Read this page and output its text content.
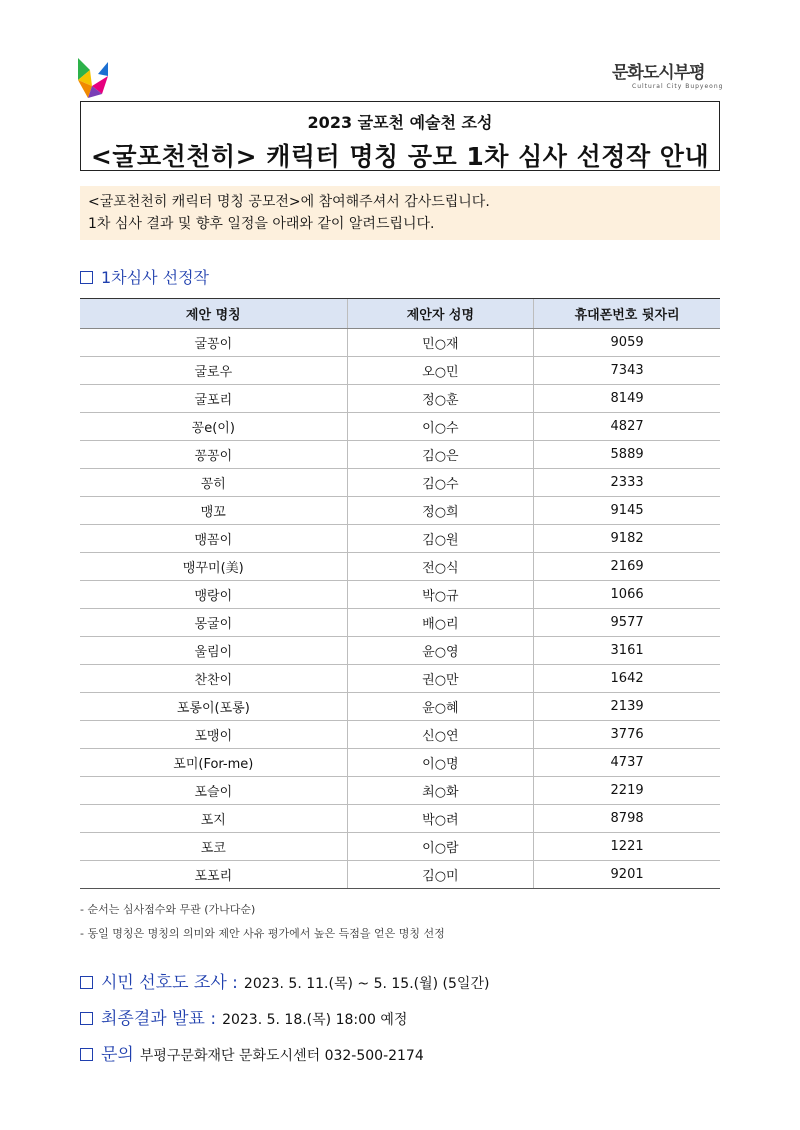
문화도시부평
Cultural City Bupyeong
2023 굴포천 예술천 조성
<굴포천천히> 캐릭터 명칭 공모 1차 심사 선정작 안내
<굴포천천히 캐릭터 명칭 공모전>에 참여해주셔서 감사드립니다.
1차 심사 결과 및 향후 일정을 아래와 같이 알려드립니다.
1차심사 선정작
제안 명칭	제안자 성명	휴대폰번호 뒷자리
굴꽁이	민○재	9059
굴로우	오○민	7343
굴포리	정○훈	8149
꽁e(이)	이○수	4827
꽁꽁이	김○은	5889
꽁히	김○수	2333
맹꼬	정○희	9145
맹꼼이	김○원	9182
맹꾸미(美)	전○식	2169
맹랑이	박○규	1066
몽굴이	배○리	9577
울림이	윤○영	3161
찬찬이	권○만	1642
포롱이(포롱)	윤○혜	2139
포맹이	신○연	3776
포미(For-me)	이○명	4737
포슬이	최○화	2219
포지	박○려	8798
포코	이○람	1221
포포리	김○미	9201
- 순서는 심사점수와 무관 (가나다순)
- 동일 명칭은 명칭의 의미와 제안 사유 평가에서 높은 득점을 얻은 명칭 선정
시민 선호도 조사 : 2023. 5. 11.(목) ~ 5. 15.(월) (5일간)
최종결과 발표 : 2023. 5. 18.(목) 18:00 예정
문의 부평구문화재단 문화도시센터 032-500-2174
